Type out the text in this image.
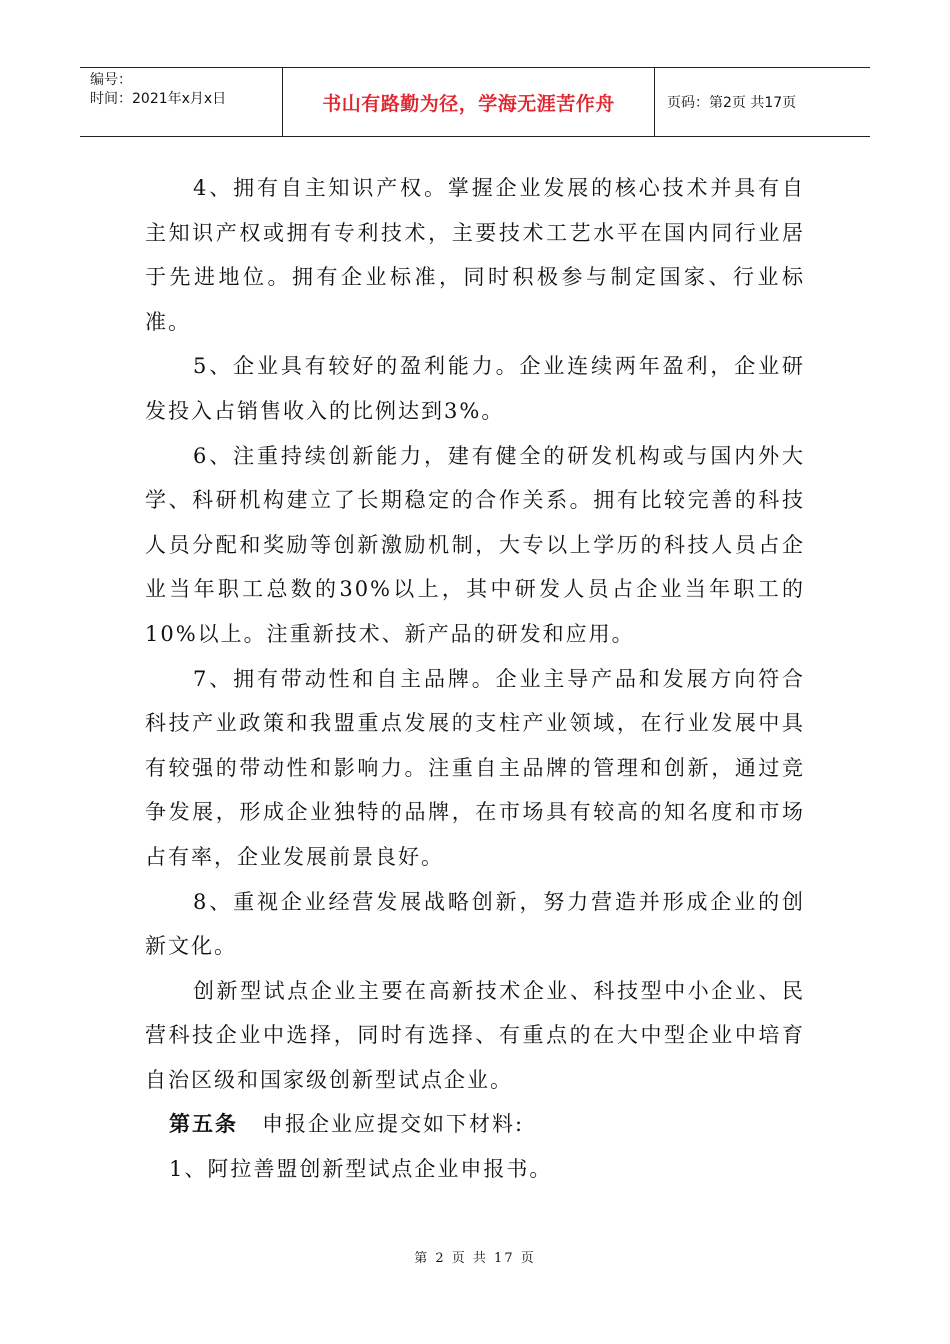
编号：
时间：2021年x月x日	书山有路勤为径，学海无涯苦作舟	页码：第2页 共17页

4、拥有自主知识产权。掌握企业发展的核心技术并具有自主知识产权或拥有专利技术，主要技术工艺水平在国内同行业居于先进地位。拥有企业标准，同时积极参与制定国家、行业标准。

5、企业具有较好的盈利能力。企业连续两年盈利，企业研发投入占销售收入的比例达到3%。

6、注重持续创新能力，建有健全的研发机构或与国内外大学、科研机构建立了长期稳定的合作关系。拥有比较完善的科技人员分配和奖励等创新激励机制，大专以上学历的科技人员占企业当年职工总数的30%以上，其中研发人员占企业当年职工的10%以上。注重新技术、新产品的研发和应用。

7、拥有带动性和自主品牌。企业主导产品和发展方向符合科技产业政策和我盟重点发展的支柱产业领域，在行业发展中具有较强的带动性和影响力。注重自主品牌的管理和创新，通过竞争发展，形成企业独特的品牌，在市场具有较高的知名度和市场占有率，企业发展前景良好。

8、重视企业经营发展战略创新，努力营造并形成企业的创新文化。

创新型试点企业主要在高新技术企业、科技型中小企业、民营科技企业中选择，同时有选择、有重点的在大中型企业中培育自治区级和国家级创新型试点企业。

第五条 申报企业应提交如下材料:

1、阿拉善盟创新型试点企业申报书。

第 2 页 共 17 页
